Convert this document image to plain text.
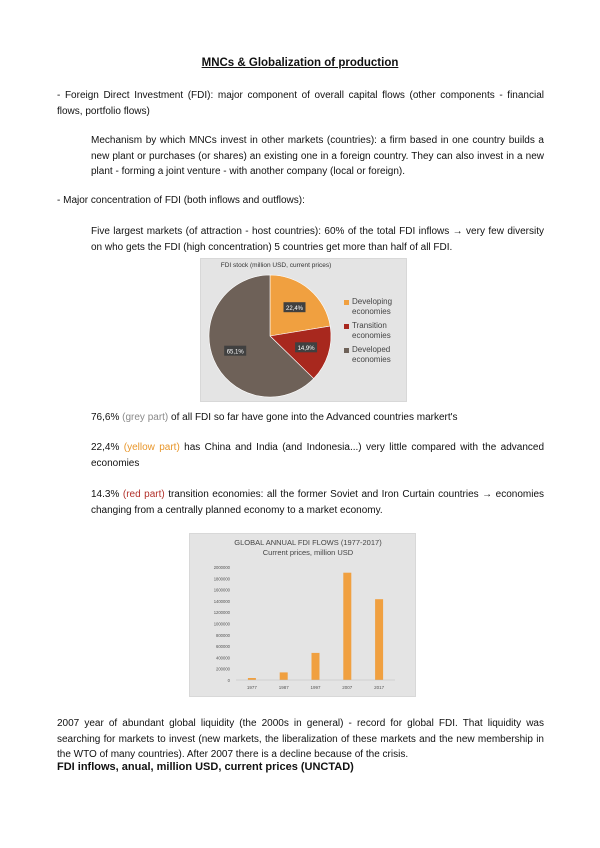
MNCs & Globalization of production
- Foreign Direct Investment (FDI): major component of overall capital flows (other components - financial flows, portfolio flows)
Mechanism by which MNCs invest in other markets (countries): a firm based in one country builds a new plant or purchases (or shares) an existing one in a foreign country. They can also invest in a new plant - forming a joint venture - with another company (local or foreign).
- Major concentration of FDI (both inflows and outflows):
Five largest markets (of attraction - host countries): 60% of the total FDI inflows → very few diversity on who gets the FDI (high concentration) 5 countries get more than half of all FDI.
FDI stock (million USD, current prices)
22,4%
14,9%
65,1%
Developing economies
Transition economies
Developed economies
76,6% (grey part) of all FDI so far have gone into the Advanced countries markert's
22,4% (yellow part) has China and India (and Indonesia...) very little compared with the advanced economies
14.3% (red part) transition economies: all the former Soviet and Iron Curtain countries → economies changing from a centrally planned economy to a market economy.
GLOBAL ANNUAL FDI FLOWS (1977-2017)
Current prices, million USD
0
200000
400000
600000
800000
1000000
1200000
1400000
1600000
1800000
2000000
1977	1987	1997	2007	2017
2007 year of abundant global liquidity (the 2000s in general) - record for global FDI. That liquidity was searching for markets to invest (new markets, the liberalization of these markets and the new membership in the WTO of many countries). After 2007 there is a decline because of the crisis.
FDI inflows, anual, million USD, current prices (UNCTAD)
